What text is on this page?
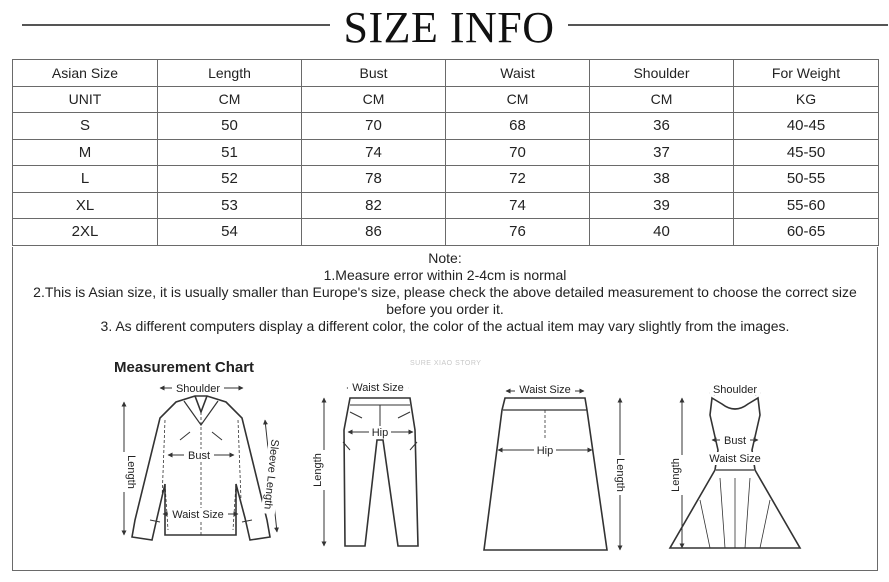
SIZE INFO
Asian Size	Length	Bust	Waist	Shoulder	For Weight
UNIT	CM	CM	CM	CM	KG
S	50	70	68	36	40-45
M	51	74	70	37	45-50
L	52	78	72	38	50-55
XL	53	82	74	39	55-60
2XL	54	86	76	40	60-65
Note:
1.Measure error within 2-4cm is normal
2.This is Asian size, it is usually smaller than Europe's size, please check the above detailed measurement to choose the correct size before you order it.
3. As different computers display a different color, the color of the actual item may vary slightly from the images.
Measurement Chart	SURE XIAO STORY
Shoulder
Bust
Waist Size
Length	Sleeve Length
Waist Size
Hip
Length
Waist Size
Hip
Length
Shoulder
Bust
Waist Size
Length
